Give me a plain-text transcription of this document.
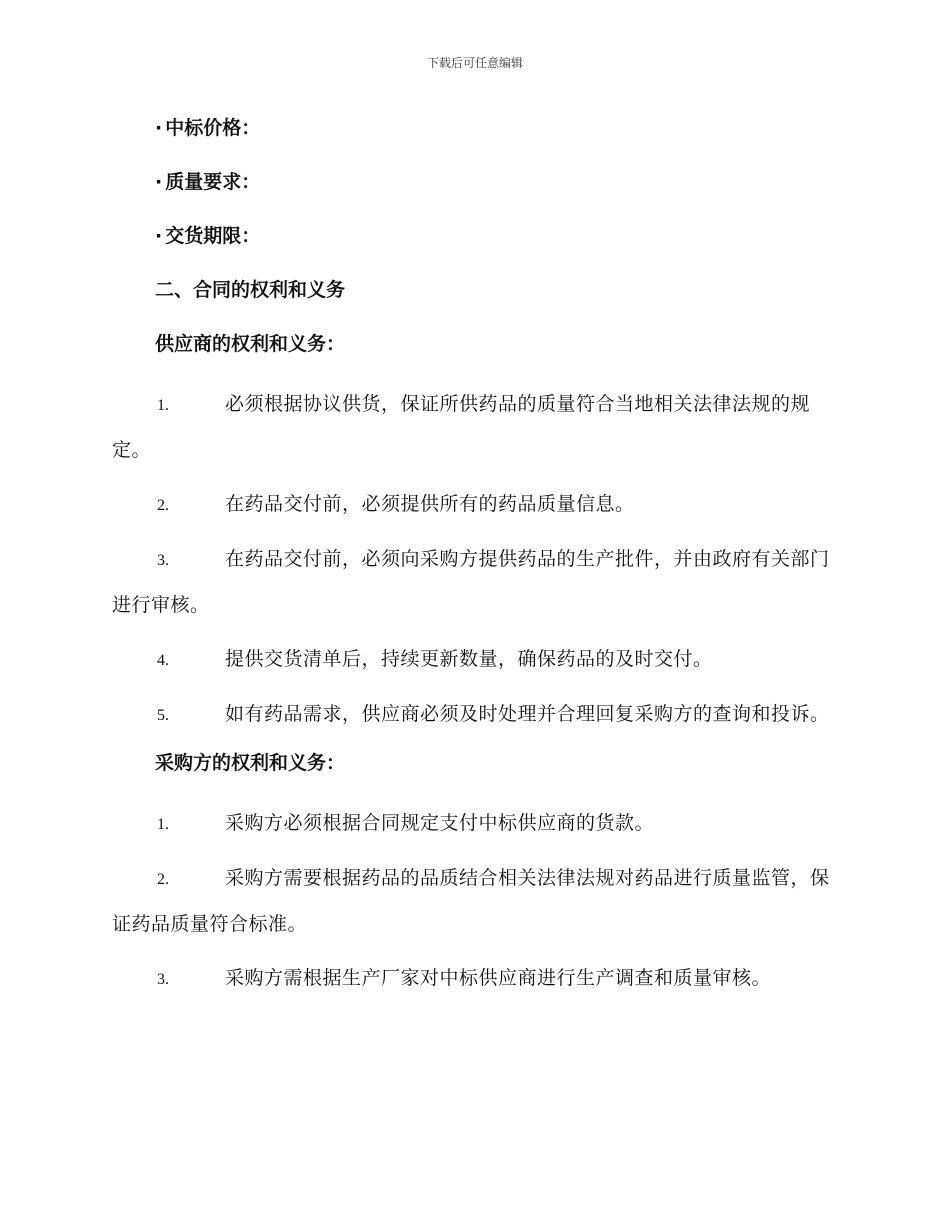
下载后可任意编辑

· 中标价格：

· 质量要求：

· 交货期限：

二、合同的权利和义务

供应商的权利和义务：

1.	必须根据协议供货，保证所供药品的质量符合当地相关法律法规的规定。

2.	在药品交付前，必须提供所有的药品质量信息。

3.	在药品交付前，必须向采购方提供药品的生产批件，并由政府有关部门进行审核。

4.	提供交货清单后，持续更新数量，确保药品的及时交付。

5.	如有药品需求，供应商必须及时处理并合理回复采购方的查询和投诉。

采购方的权利和义务：

1.	采购方必须根据合同规定支付中标供应商的货款。

2.	采购方需要根据药品的品质结合相关法律法规对药品进行质量监管，保证药品质量符合标准。

3.	采购方需根据生产厂家对中标供应商进行生产调查和质量审核。
